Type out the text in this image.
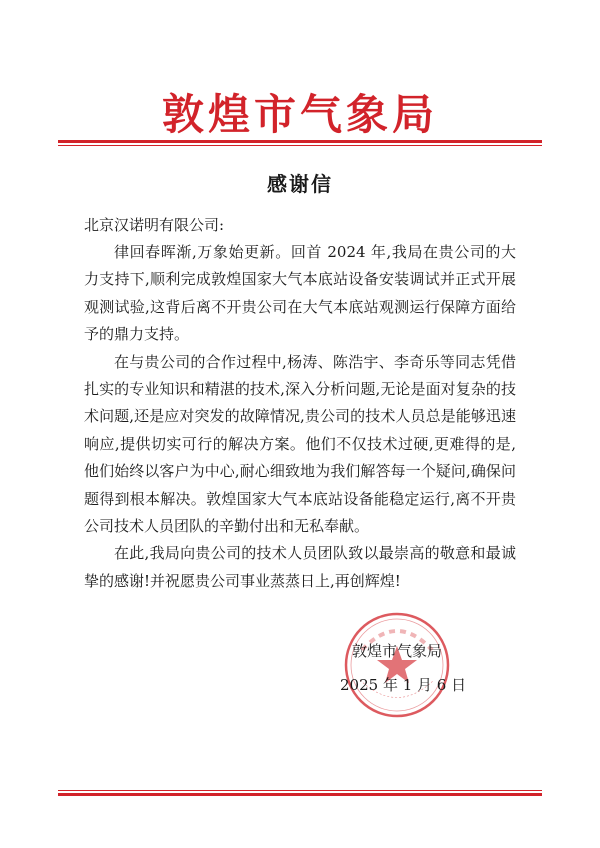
敦煌市气象局
感谢信
北京汉诺明有限公司:

律回春晖渐,万象始更新。回首 2024 年,我局在贵公司的大力支持下,顺利完成敦煌国家大气本底站设备安装调试并正式开展观测试验,这背后离不开贵公司在大气本底站观测运行保障方面给予的鼎力支持。

在与贵公司的合作过程中,杨涛、陈浩宇、李奇乐等同志凭借扎实的专业知识和精湛的技术,深入分析问题,无论是面对复杂的技术问题,还是应对突发的故障情况,贵公司的技术人员总是能够迅速响应,提供切实可行的解决方案。他们不仅技术过硬,更难得的是,他们始终以客户为中心,耐心细致地为我们解答每一个疑问,确保问题得到根本解决。敦煌国家大气本底站设备能稳定运行,离不开贵公司技术人员团队的辛勤付出和无私奉献。

在此,我局向贵公司的技术人员团队致以最崇高的敬意和最诚挚的感谢!并祝愿贵公司事业蒸蒸日上,再创辉煌!

敦煌市气象局
2025 年 1 月 6 日
